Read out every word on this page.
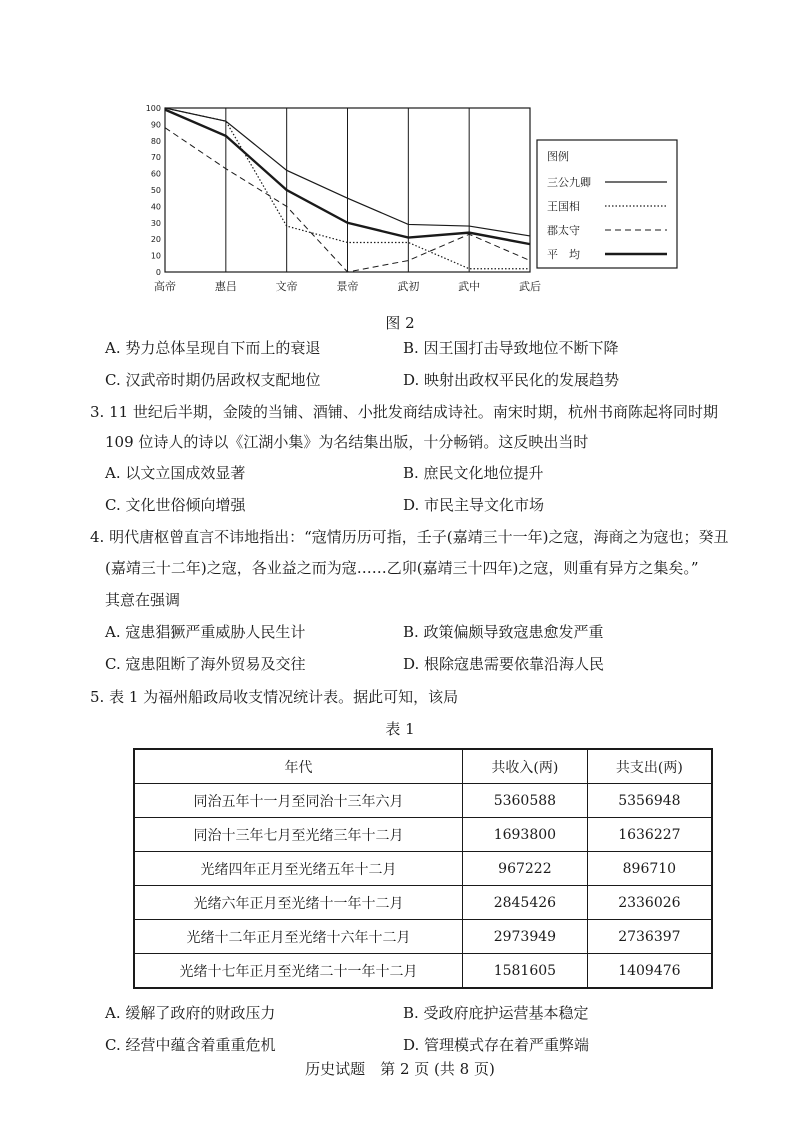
高帝	惠吕	文帝	景帝	武初	武中	武后
0
10
20
30
40
50
60
70
80
90
100
图例
三公九卿
王国相
郡太守
平　均
图 2
A. 势力总体呈现自下而上的衰退	B. 因王国打击导致地位不断下降
C. 汉武帝时期仍居政权支配地位	D. 映射出政权平民化的发展趋势
3. 11 世纪后半期，金陵的当铺、酒铺、小批发商结成诗社。南宋时期，杭州书商陈起将同时期
109 位诗人的诗以《江湖小集》为名结集出版，十分畅销。这反映出当时
A. 以文立国成效显著	B. 庶民文化地位提升
C. 文化世俗倾向增强	D. 市民主导文化市场
4. 明代唐枢曾直言不讳地指出：“寇情历历可指，壬子(嘉靖三十一年)之寇，海商之为寇也；癸丑
(嘉靖三十二年)之寇，各业益之而为寇……乙卯(嘉靖三十四年)之寇，则重有异方之集矣。”
其意在强调
A. 寇患猖獗严重威胁人民生计	B. 政策偏颇导致寇患愈发严重
C. 寇患阻断了海外贸易及交往	D. 根除寇患需要依靠沿海人民
5. 表 1 为福州船政局收支情况统计表。据此可知，该局
表 1
年代	共收入(两)	共支出(两)
同治五年十一月至同治十三年六月	5360588	5356948
同治十三年七月至光绪三年十二月	1693800	1636227
光绪四年正月至光绪五年十二月	967222	896710
光绪六年正月至光绪十一年十二月	2845426	2336026
光绪十二年正月至光绪十六年十二月	2973949	2736397
光绪十七年正月至光绪二十一年十二月	1581605	1409476
A. 缓解了政府的财政压力	B. 受政府庇护运营基本稳定
C. 经营中蕴含着重重危机	D. 管理模式存在着严重弊端
历史试题　第 2 页 (共 8 页)
